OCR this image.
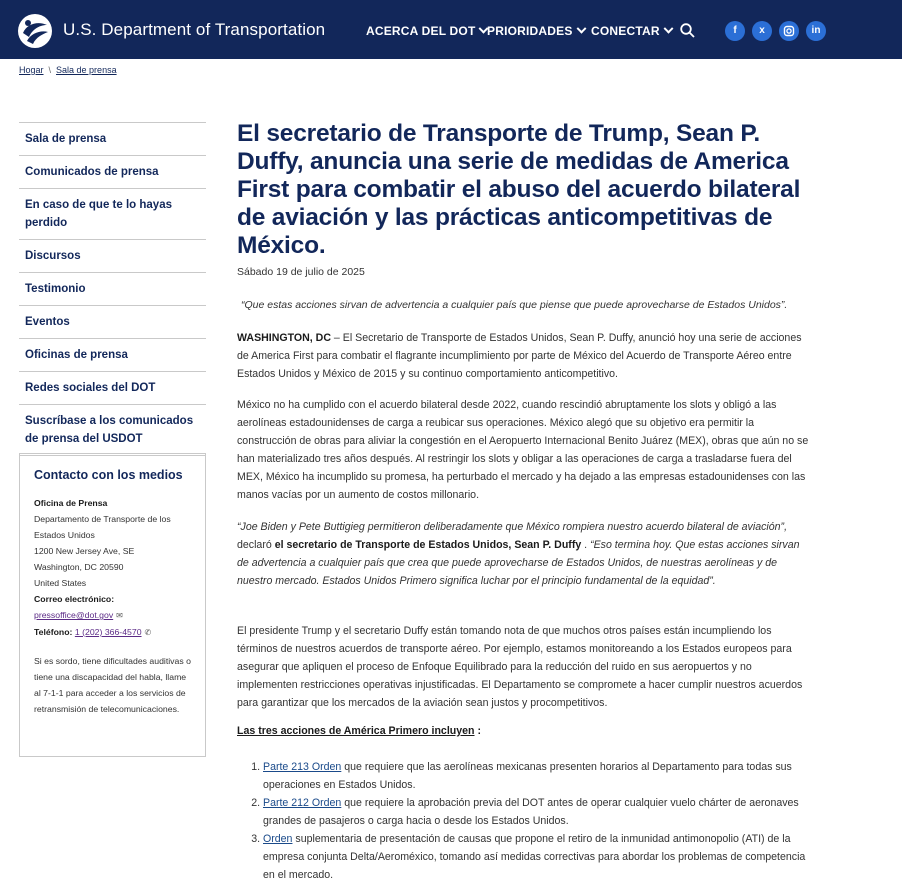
U.S. Department of Transportation	ACERCA DEL DOT PRIORIDADES	CONECTAR	f	x	in
Hogar \ Sala de prensa
Sala de prensa
Comunicados de prensa
En caso de que te lo hayas perdido
Discursos
Testimonio
Eventos
Oficinas de prensa
Redes sociales del DOT
Suscríbase a los comunicados de prensa del USDOT
Contacto con los medios
Oficina de Prensa
Departamento de Transporte de los Estados Unidos
1200 New Jersey Ave, SE
Washington, DC 20590
United States
Correo electrónico:
pressoffice@dot.gov ✉
Teléfono: 1 (202) 366-4570 ✆
Si es sordo, tiene dificultades auditivas o tiene una discapacidad del habla, llame al 7-1-1 para acceder a los servicios de retransmisión de telecomunicaciones.
El secretario de Transporte de Trump, Sean P. Duffy, anuncia una serie de medidas de America First para combatir el abuso del acuerdo bilateral de aviación y las prácticas anticompetitivas de México.
Sábado 19 de julio de 2025
“Que estas acciones sirvan de advertencia a cualquier país que piense que puede aprovecharse de Estados Unidos”.

WASHINGTON, DC – El Secretario de Transporte de Estados Unidos, Sean P. Duffy, anunció hoy una serie de acciones de America First para combatir el flagrante incumplimiento por parte de México del Acuerdo de Transporte Aéreo entre Estados Unidos y México de 2015 y su continuo comportamiento anticompetitivo.

México no ha cumplido con el acuerdo bilateral desde 2022, cuando rescindió abruptamente los slots y obligó a las aerolíneas estadounidenses de carga a reubicar sus operaciones. México alegó que su objetivo era permitir la construcción de obras para aliviar la congestión en el Aeropuerto Internacional Benito Juárez (MEX), obras que aún no se han materializado tres años después. Al restringir los slots y obligar a las operaciones de carga a trasladarse fuera del MEX, México ha incumplido su promesa, ha perturbado el mercado y ha dejado a las empresas estadounidenses con las manos vacías por un aumento de costos millonario.

“Joe Biden y Pete Buttigieg permitieron deliberadamente que México rompiera nuestro acuerdo bilateral de aviación”, declaró el secretario de Transporte de Estados Unidos, Sean P. Duffy . “Eso termina hoy. Que estas acciones sirvan de advertencia a cualquier país que crea que puede aprovecharse de Estados Unidos, de nuestras aerolíneas y de nuestro mercado. Estados Unidos Primero significa luchar por el principio fundamental de la equidad”.

El presidente Trump y el secretario Duffy están tomando nota de que muchos otros países están incumpliendo los términos de nuestros acuerdos de transporte aéreo. Por ejemplo, estamos monitoreando a los Estados europeos para asegurar que apliquen el proceso de Enfoque Equilibrado para la reducción del ruido en sus aeropuertos y no implementen restricciones operativas injustificadas. El Departamento se compromete a hacer cumplir nuestros acuerdos para garantizar que los mercados de la aviación sean justos y procompetitivos.

Las tres acciones de América Primero incluyen :
1. Parte 213 Orden que requiere que las aerolíneas mexicanas presenten horarios al Departamento para todas sus operaciones en Estados Unidos.
2. Parte 212 Orden que requiere la aprobación previa del DOT antes de operar cualquier vuelo chárter de aeronaves grandes de pasajeros o carga hacia o desde los Estados Unidos.
3. Orden suplementaria de presentación de causas que propone el retiro de la inmunidad antimonopolio (ATI) de la empresa conjunta Delta/Aeroméxico, tomando así medidas correctivas para abordar los problemas de competencia en el mercado.
